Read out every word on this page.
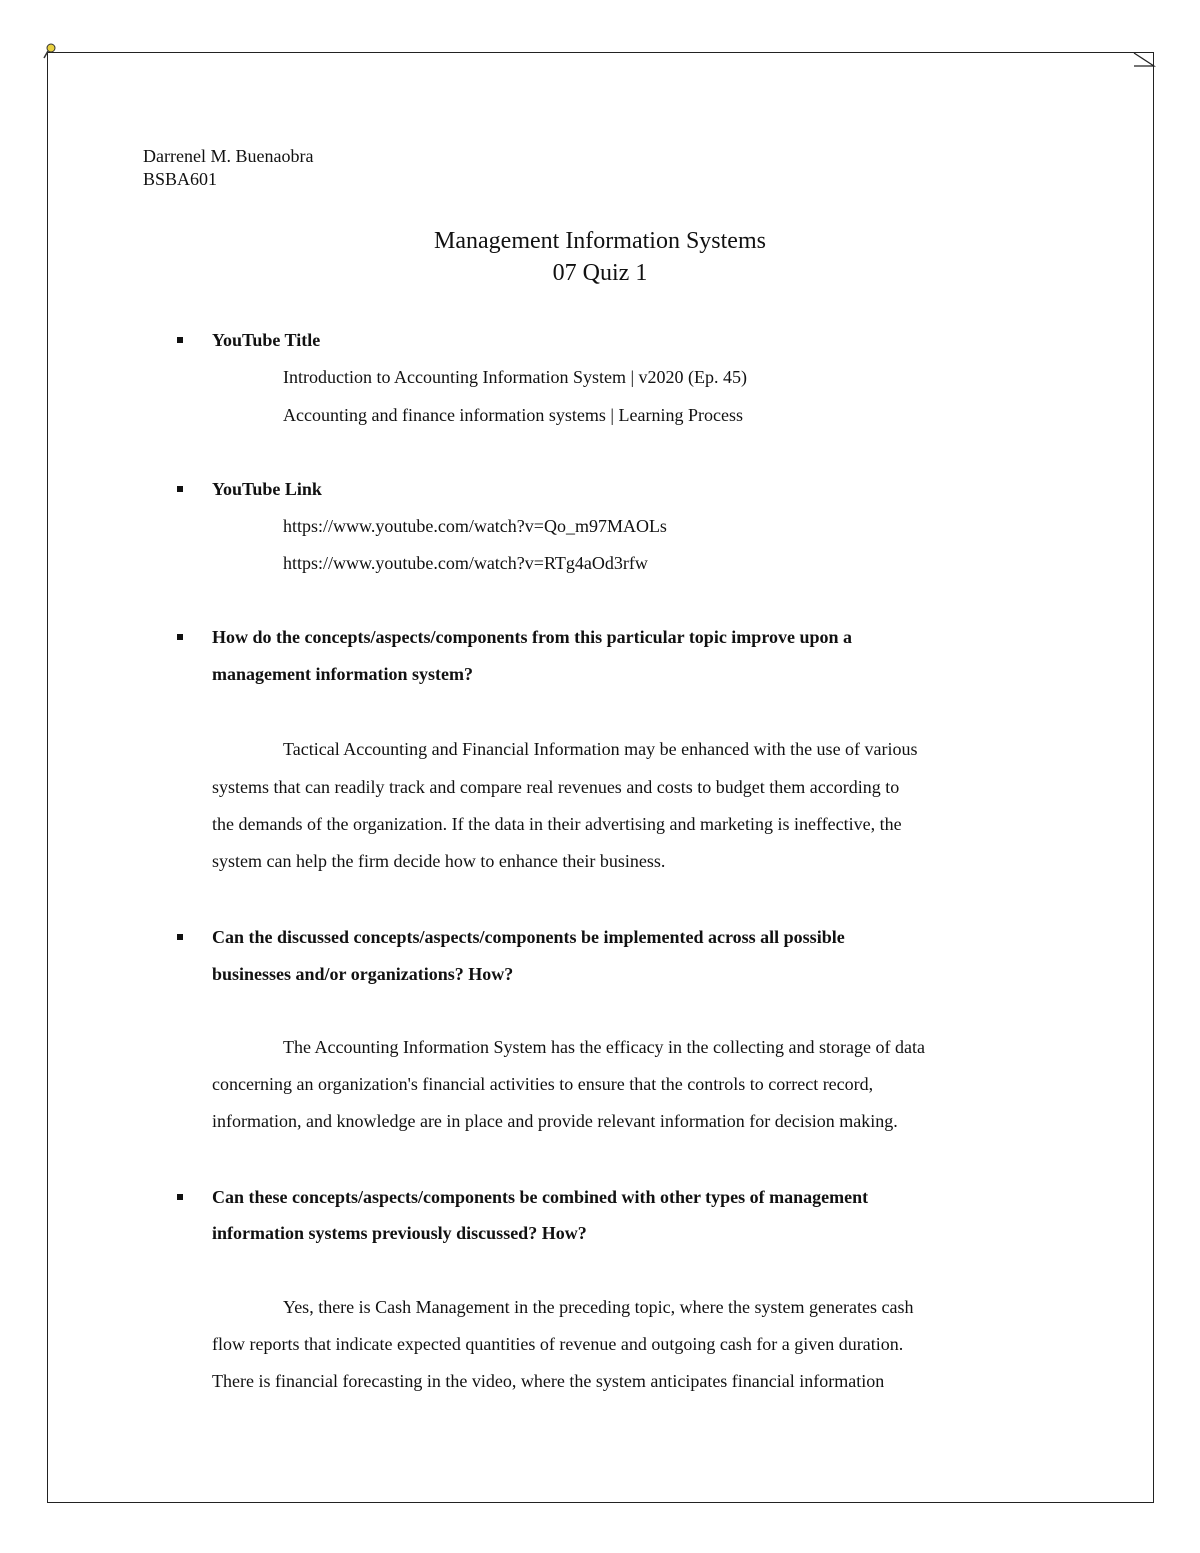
Darrenel M. Buenaobra
BSBA601
Management Information Systems
07 Quiz 1
YouTube Title
Introduction to Accounting Information System | v2020 (Ep. 45)
Accounting and finance information systems | Learning Process
YouTube Link
https://www.youtube.com/watch?v=Qo_m97MAOLs
https://www.youtube.com/watch?v=RTg4aOd3rfw
How do the concepts/aspects/components from this particular topic improve upon a
management information system?
Tactical Accounting and Financial Information may be enhanced with the use of various
systems that can readily track and compare real revenues and costs to budget them according to
the demands of the organization. If the data in their advertising and marketing is ineffective, the
system can help the firm decide how to enhance their business.
Can the discussed concepts/aspects/components be implemented across all possible
businesses and/or organizations? How?
The Accounting Information System has the efficacy in the collecting and storage of data
concerning an organization's financial activities to ensure that the controls to correct record,
information, and knowledge are in place and provide relevant information for decision making.
Can these concepts/aspects/components be combined with other types of management
information systems previously discussed? How?
Yes, there is Cash Management in the preceding topic, where the system generates cash
flow reports that indicate expected quantities of revenue and outgoing cash for a given duration.
There is financial forecasting in the video, where the system anticipates financial information
